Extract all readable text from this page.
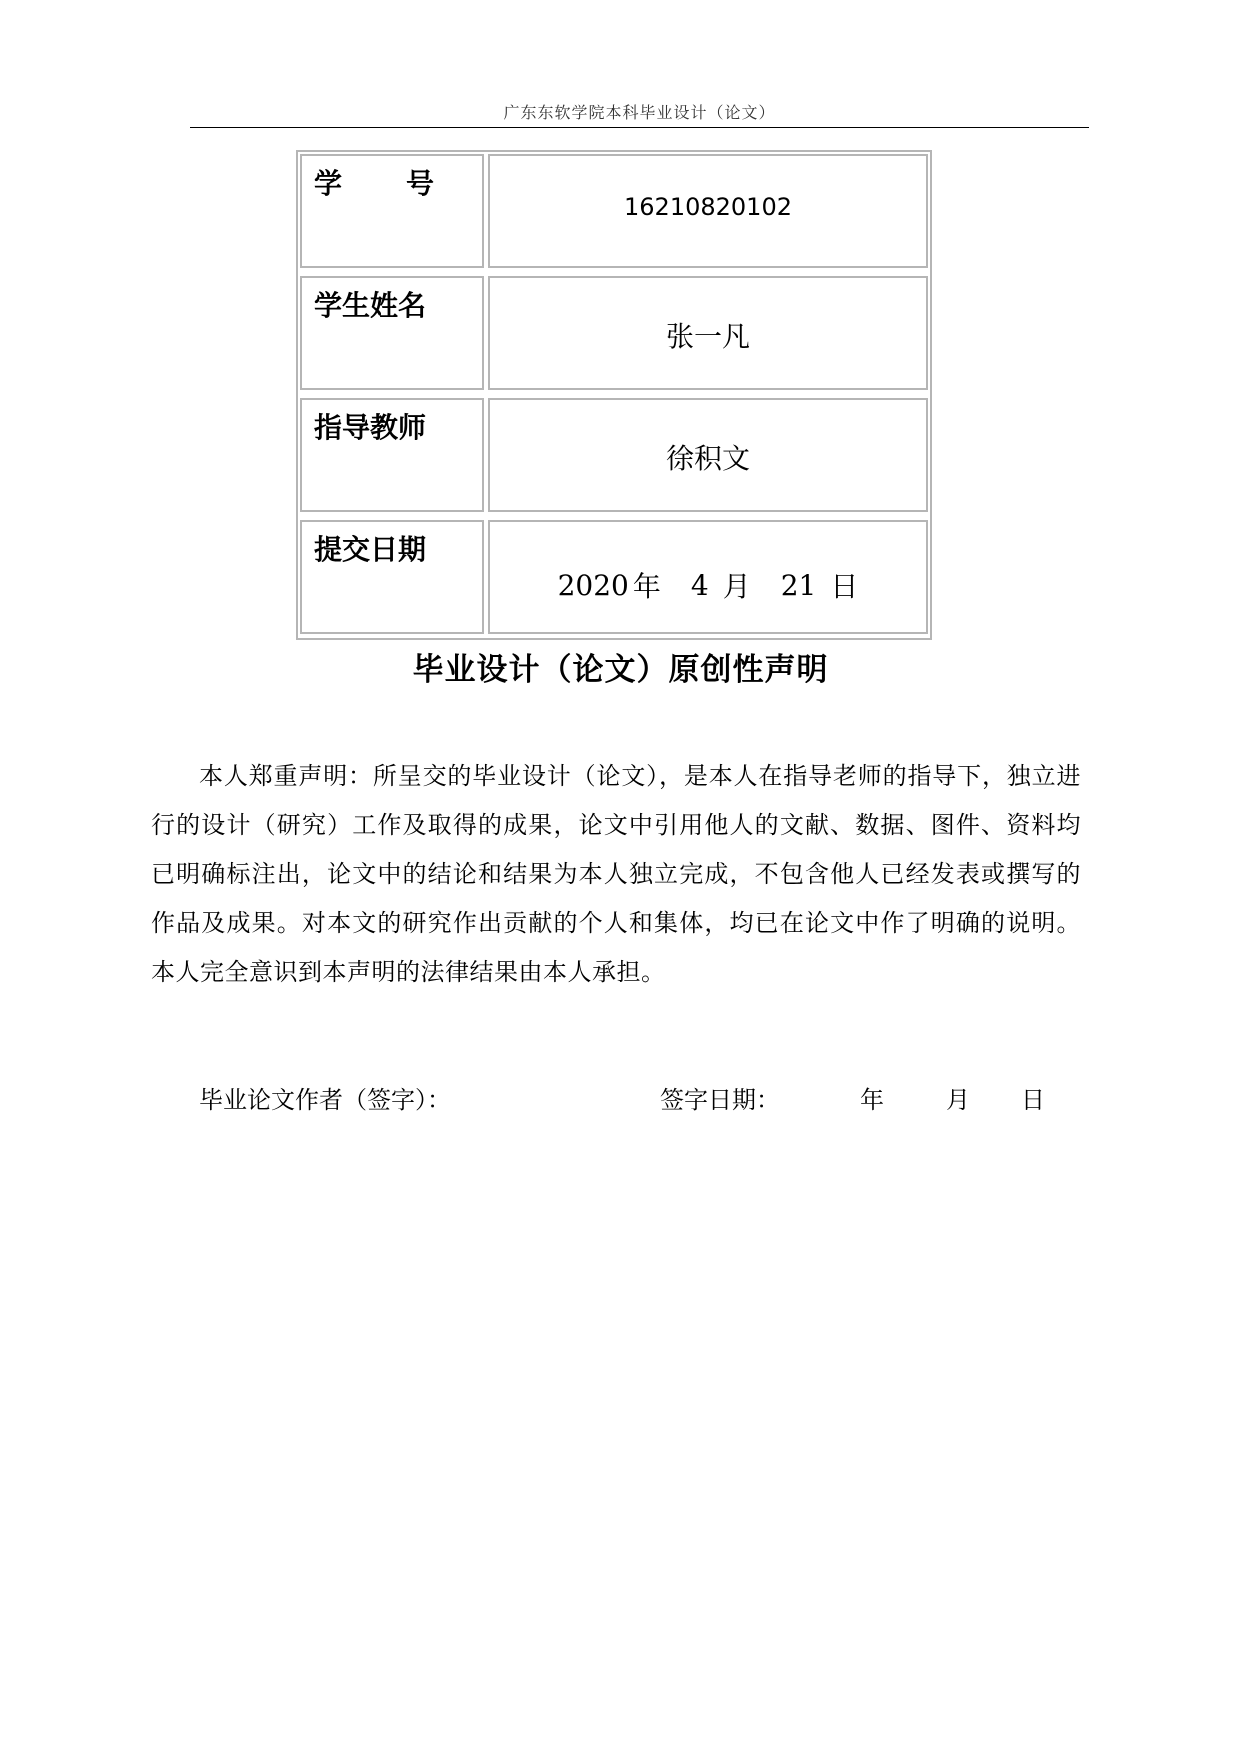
广东东软学院本科毕业设计（论文）
学 号
16210820102
学生姓名
张一凡
指导教师
徐积文
提交日期
2020 年 4 月 21 日
毕业设计（论文）原创性声明
本人郑重声明：所呈交的毕业设计（论文），是本人在指导老师的指导下，独立进行的设计（研究）工作及取得的成果，论文中引用他人的文献、数据、图件、资料均已明确标注出，论文中的结论和结果为本人独立完成，不包含他人已经发表或撰写的作品及成果。对本文的研究作出贡献的个人和集体，均已在论文中作了明确的说明。本人完全意识到本声明的法律结果由本人承担。
毕业论文作者（签字）：	签字日期：	年	月 日
